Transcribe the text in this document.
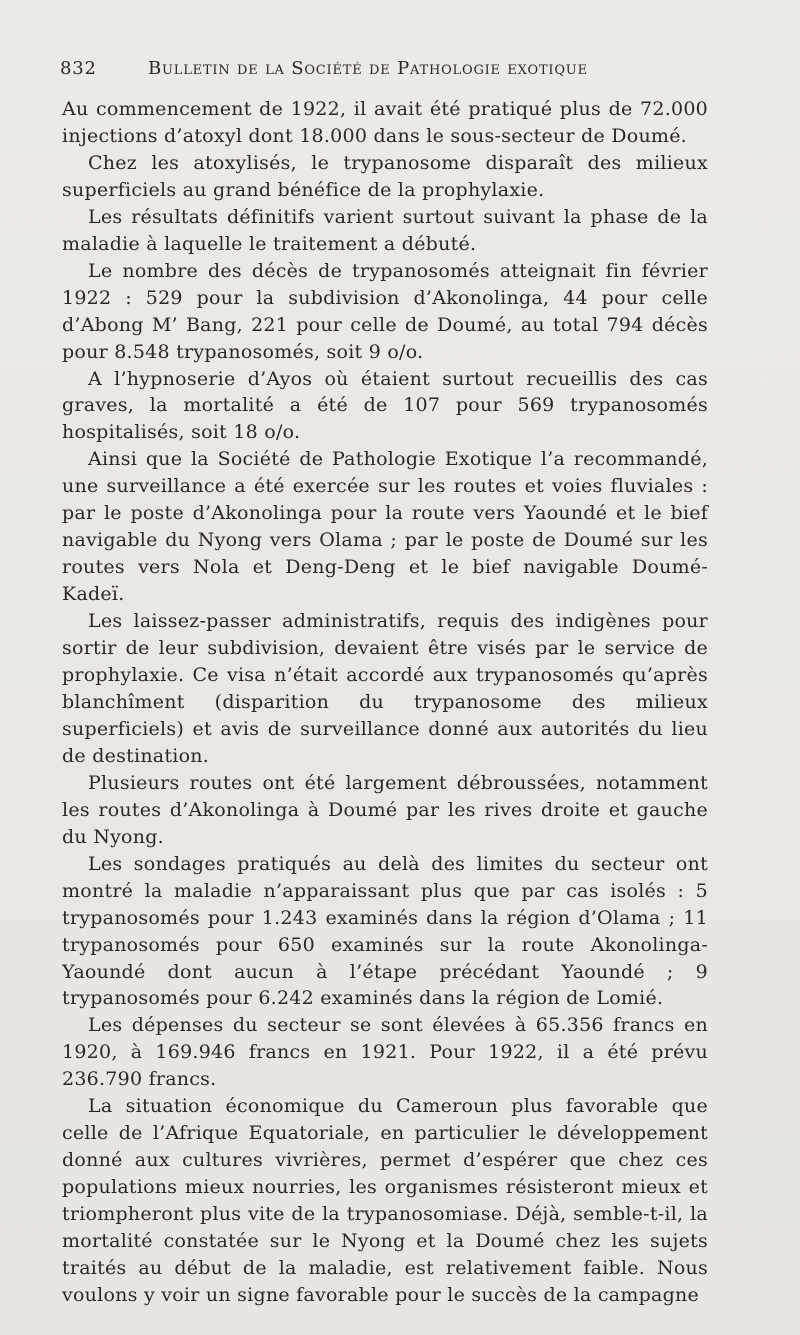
832	Bulletin de la Société de Pathologie exotique

Au commencement de 1922, il avait été pratiqué plus de 72.000 injections d’atoxyl dont 18.000 dans le sous-secteur de Doumé.

Chez les atoxylisés, le trypanosome disparaît des milieux superficiels au grand bénéfice de la prophylaxie.

Les résultats définitifs varient surtout suivant la phase de la maladie à laquelle le traitement a débuté.

Le nombre des décès de trypanosomés atteignait fin février 1922 : 529 pour la subdivision d’Akonolinga, 44 pour celle d’Abong M’ Bang, 221 pour celle de Doumé, au total 794 décès pour 8.548 trypanosomés, soit 9 o/o.

A l’hypnoserie d’Ayos où étaient surtout recueillis des cas graves, la mortalité a été de 107 pour 569 trypanosomés hospitalisés, soit 18 o/o.

Ainsi que la Société de Pathologie Exotique l’a recommandé, une surveillance a été exercée sur les routes et voies fluviales : par le poste d’Akonolinga pour la route vers Yaoundé et le bief navigable du Nyong vers Olama ; par le poste de Doumé sur les routes vers Nola et Deng-Deng et le bief navigable Doumé-Kadeï.

Les laissez-passer administratifs, requis des indigènes pour sortir de leur subdivision, devaient être visés par le service de prophylaxie. Ce visa n’était accordé aux trypanosomés qu’après blanchîment (disparition du trypanosome des milieux superficiels) et avis de surveillance donné aux autorités du lieu de destination.

Plusieurs routes ont été largement débroussées, notamment les routes d’Akonolinga à Doumé par les rives droite et gauche du Nyong.

Les sondages pratiqués au delà des limites du secteur ont montré la maladie n’apparaissant plus que par cas isolés : 5 trypanosomés pour 1.243 examinés dans la région d’Olama ; 11 trypanosomés pour 650 examinés sur la route Akonolinga-Yaoundé dont aucun à l’étape précédant Yaoundé ; 9 trypanosomés pour 6.242 examinés dans la région de Lomié.

Les dépenses du secteur se sont élevées à 65.356 francs en 1920, à 169.946 francs en 1921. Pour 1922, il a été prévu 236.790 francs.

La situation économique du Cameroun plus favorable que celle de l’Afrique Equatoriale, en particulier le développement donné aux cultures vivrières, permet d’espérer que chez ces populations mieux nourries, les organismes résisteront mieux et triompheront plus vite de la trypanosomiase. Déjà, semble-t-il, la mortalité constatée sur le Nyong et la Doumé chez les sujets traités au début de la maladie, est relativement faible. Nous voulons y voir un signe favorable pour le succès de la campagne
